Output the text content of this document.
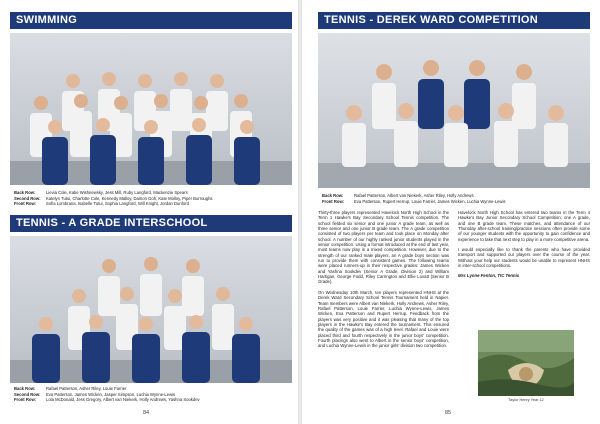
SWIMMING
Back Row:	Lievia Cole, Katie Wishnewsky, Jess Mill, Ruby Langford, Mackenzie Spears
Second Row:	Katelyn Tutui, Charlotte Cole, Kennedy Malloy, Damon Goh, Kate Molloy, Piper Burroughs
Front Row:	Sofia Lombrana, Isabelle Tutui, Sophia Langford, Will Knight, Jordan Dunford
TENNIS - A GRADE INTERSCHOOL
Back Row:	Rafael Patterson, Asher Riley, Louie Farrier
Second Row:	Eva Patterson, James Wicken, Jasper Simpson, Luchia Wynne-Lewis
Front Row:	Lola McDonald, Jess Gregory, Albert van Niekerk, Holly Andrews, Yashna Sookdev
84
TENNIS - DEREK WARD COMPETITION
Back Row:	Rafael Patterson, Albert van Niekerk, Asher Riley, Holly Andrews
Front Row:	Eva Patterson, Rupert Herrup, Louie Farrier, James Wicken, Luchia Wynne-Lewis

Thirty-three players represented Havelock North High School in the Term 1 Hawke's Bay Secondary School Tennis competition. The school fielded six senior and one junior A grade team, as well as three senior and one junior B grade team. The A grade competition consisted of two players per team and took place on Monday after school. A number of our highly ranked junior students played in the senior competition. Using a format introduced at the end of last year, most teams now play in a mixed competition. However, due to the strength of our ranked male players, an A grade boys section was run to provide them with consistent games. The following teams were placed runners-up in their respective grades: James Wicken and Yashna Sookdev (Senior A Grade, Division 2) and William Hartigan, George Fodd, Riley Carrington and Ellie Lovatt (Senior B Grade).

On Wednesday 10th March, ten players represented HNHS at the Derek Ward Secondary School Tennis Tournament held in Napier. Team members were Albert van Niekerk, Holly Andrews, Asher Riley, Rafael Patterson, Louie Farrier, Luchia Wynne-Lewis, James Wicken, Eva Patterson and Rupert Herrup. Feedback from the players was very positive and it was pleasing that many of the top players in the Hawke's Bay entered the tournament. This ensured the quality of the games was of a high level. Rafael and Louie were placed third and fourth respectively in the junior boys' competition. Fourth placings also went to Albert in the senior boys' competition, and Luchia Wynne-Lewis in the junior girls' division two competition.

Havelock North High School has entered two teams in the Term 4 Hawke's Bay Junior Secondary School Competition; one A grade, and one B grade team. These matches, and attendance of our Thursday after-school training/practice sessions often provide some of our younger students with the opportunity to gain confidence and experience to take that next step to play in a more competitive arena.

I would especially like to thank the parents who have provided transport and supported our players over the course of the year. Without your help our students would be unable to represent HNHS in inter-school competitions.

Mrs Lynne Fenton, TIC Tennis
Taylor Henry Year 12
85
